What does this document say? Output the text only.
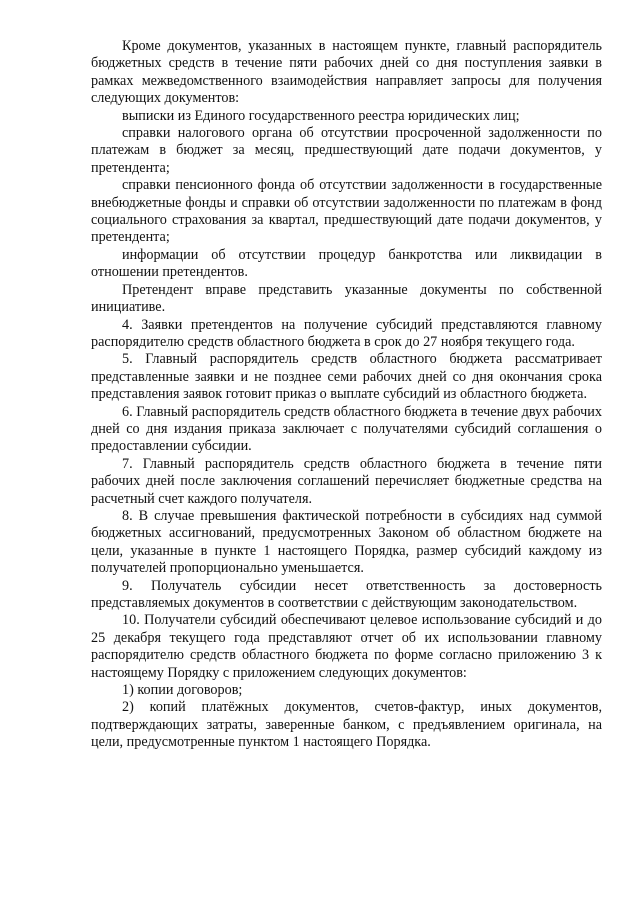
Кроме документов, указанных в настоящем пункте, главный распорядитель бюджетных средств в течение пяти рабочих дней со дня поступления заявки в рамках межведомственного взаимодействия направляет запросы для получения следующих документов:

выписки из Единого государственного реестра юридических лиц;

справки налогового органа об отсутствии просроченной задолженности по платежам в бюджет за месяц, предшествующий дате подачи документов, у претендента;

справки пенсионного фонда об отсутствии задолженности в государственные внебюджетные фонды и справки об отсутствии задолженности по платежам в фонд социального страхования за квартал, предшествующий дате подачи документов, у претендента;

информации об отсутствии процедур банкротства или ликвидации в отношении претендентов.

Претендент вправе представить указанные документы по собственной инициативе.

4. Заявки претендентов на получение субсидий представляются главному распорядителю средств областного бюджета в срок до 27 ноября текущего года.

5. Главный распорядитель средств областного бюджета рассматривает представленные заявки и не позднее семи рабочих дней со дня окончания срока представления заявок готовит приказ о выплате субсидий из областного бюджета.

6. Главный распорядитель средств областного бюджета в течение двух рабочих дней со дня издания приказа заключает с получателями субсидий соглашения о предоставлении субсидии.

7. Главный распорядитель средств областного бюджета в течение пяти рабочих дней после заключения соглашений перечисляет бюджетные средства на расчетный счет каждого получателя.

8. В случае превышения фактической потребности в субсидиях над суммой бюджетных ассигнований, предусмотренных Законом об областном бюджете на цели, указанные в пункте 1 настоящего Порядка, размер субсидий каждому из получателей пропорционально уменьшается.

9. Получатель субсидии несет ответственность за достоверность представляемых документов в соответствии с действующим законодательством.

10. Получатели субсидий обеспечивают целевое использование субсидий и до 25 декабря текущего года представляют отчет об их использовании главному распорядителю средств областного бюджета по форме согласно приложению 3 к настоящему Порядку с приложением следующих документов:

1) копии договоров;

2) копий платёжных документов, счетов-фактур, иных документов, подтверждающих затраты, заверенные банком, с предъявлением оригинала, на цели, предусмотренные пунктом 1 настоящего Порядка.
